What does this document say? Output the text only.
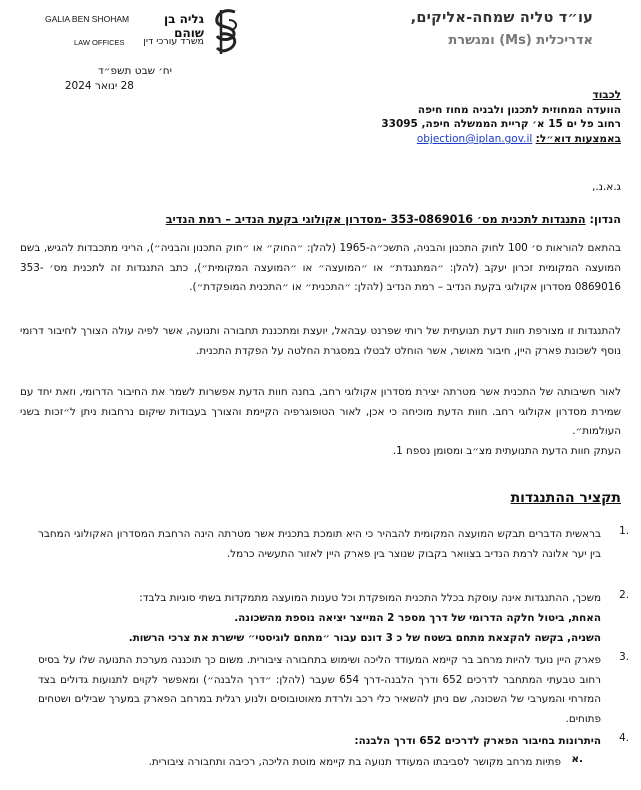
עו״ד טליה שמחה-אליקים,
אדריכלית (Ms) ומגשרת
גליה בן שוהם
GALIA BEN SHOHAM
LAW OFFICES	משרד עורכי דין
יח׳ שבט תשפ״ד
28 ינואר 2024
לכבוד
הוועדה המחוזית לתכנון ולבניה מחוז חיפה
רחוב פל ים 15 א׳ קריית הממשלה חיפה, 33095
באמצעות דוא״ל: objection@iplan.gov.il
ג.א.נ.,
הנדון: התנגדות לתכנית מס׳ 353-0869016 -מסדרון אקולוגי בקעת הנדיב – רמת הנדיב
בהתאם להוראות ס׳ 100 לחוק התכנון והבניה, התשכ״ה-1965 (להלן: ״החוק״ או ״חוק התכנון והבניה״), הריני מתכבדות להגיש, בשם המועצה המקומית זכרון יעקב (להלן: ״המתנגדת״ או ״המועצה״ או ״המועצה המקומית״), כתב התנגדות זה לתכנית מס׳ 353-0869016 מסדרון אקולוגי בקעת הנדיב – רמת הנדיב (להלן: ״התכנית״ או ״התכנית המופקדת״).
להתנגדות זו מצורפת חוות דעת תנועתית של רותי שפרנט עבהאל, יועצת ומתכננת תחבורה ותנועה, אשר לפיה עולה הצורך לחיבור דרומי נוסף לשכונת פארק היין, חיבור מאושר, אשר הוחלט לבטלו במסגרת החלטה על הפקדת התכנית.
לאור חשיבותה של התכנית אשר מטרתה יצירת מסדרון אקולוגי רחב, בחנה חוות הדעת אפשרות לשמר את החיבור הדרומי, וזאת יחד עם שמירת מסדרון אקולוגי רחב. חוות הדעת מוכיחה כי אכן, לאור הטופוגרפיה הקיימת והצורך בעבודות שיקום נרחבות ניתן ל״זכות בשני העולמות״.
העתק חוות הדעת התנועתית מצ״ב ומסומן נספח 1.
תקציר ההתנגדות
1.
בראשית הדברים תבקש המועצה המקומית להבהיר כי היא תומכת בתכנית אשר מטרתה הינה הרחבת המסדרון האקולוגי המחבר בין יער אלונה לרמת הנדיב בצוואר בקבוק שנוצר בין פארק היין לאזור התעשיה כרמל.
2.
משכך, ההתנגדות אינה עוסקת בכלל התכנית המופקדת וכל טענות המועצה מתמקדות בשתי סוגיות בלבד:
האחת, ביטול חלקה הדרומי של דרך מספר 2 המייצר יציאה נוספת מהשכונה.
השניה, בקשה להקצאת מתחם בשטח של כ 3 דונם עבור ״מתחם לוגיסטי״ שישרת את צרכי הרשות.
3.
פארק היין נועד להיות מרחב בר קיימא המעודד הליכה ושימוש בתחבורה ציבורית. משום כך תוכננה מערכת התנועה שלו על בסיס רחוב טבעתי המתחבר לדרכים 652 ודרך הלבנה-דרך 654 שעבר (להלן: ״דרך הלבנה״) ומאפשר לקוים לתנועות גדולים בצד המזרחי והמערבי של השכונה, שם ניתן להשאיר כלי רכב ולרדת מאוטובוסים ולנוע רגלית במרחב הפארק במערך שבילים ושטחים פתוחים.
4.
היתרונות בחיבור הפארק לדרכים 652 ודרך הלבנה:
א.
פתיות מרחב מקושר לסביבתו המעודד תנועה בת קיימא מוטת הליכה, רכיבה ותחבורה ציבורית.
